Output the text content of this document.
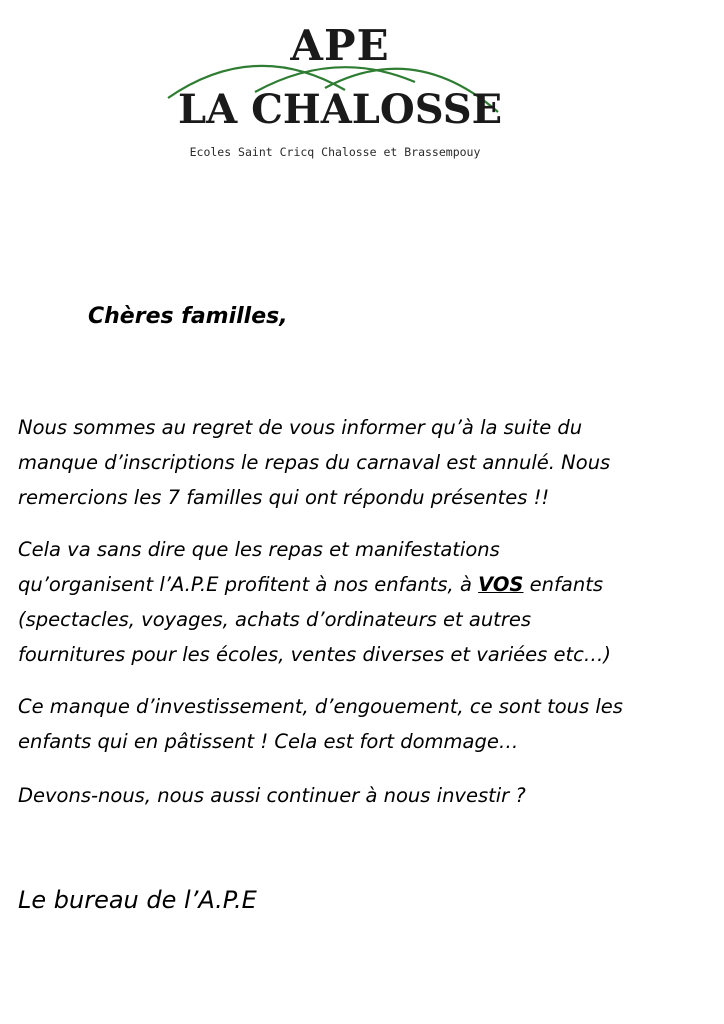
APE
LA CHALOSSE
Ecoles Saint Cricq Chalosse et Brassempouy
Chères familles,

Nous sommes au regret de vous informer qu’à la suite du
manque d’inscriptions le repas du carnaval est annulé. Nous
remercions les 7 familles qui ont répondu présentes !!

Cela va sans dire que les repas et manifestations
qu’organisent l’A.P.E profitent à nos enfants, à VOS enfants
(spectacles, voyages, achats d’ordinateurs et autres
fournitures pour les écoles, ventes diverses et variées etc…)

Ce manque d’investissement, d’engouement, ce sont tous les
enfants qui en pâtissent ! Cela est fort dommage…

Devons-nous, nous aussi continuer à nous investir ?

Le bureau de l’A.P.E
